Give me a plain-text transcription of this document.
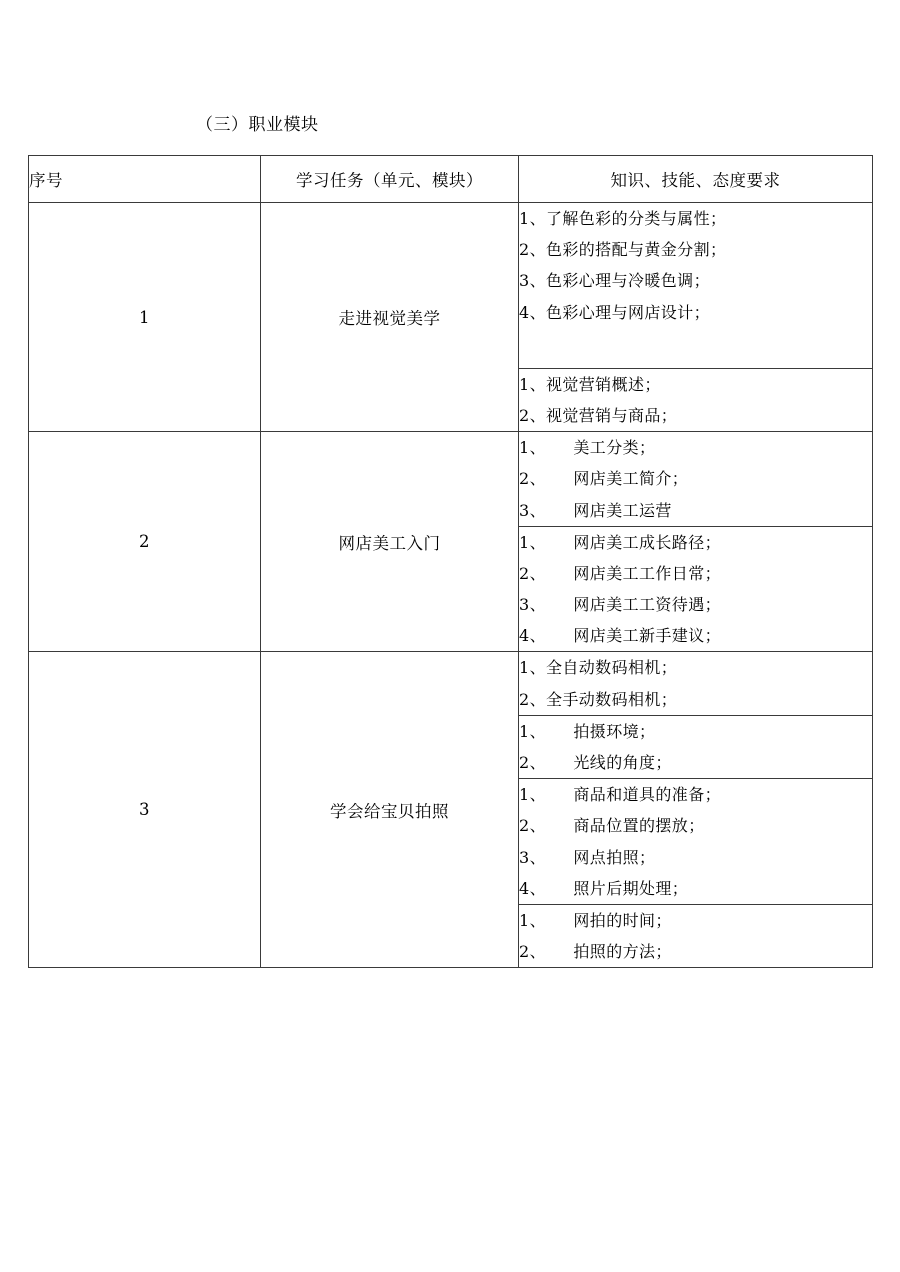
（三）职业模块
序号	学习任务（单元、模块）	知识、技能、态度要求
1	走进视觉美学	1、了解色彩的分类与属性；
2、色彩的搭配与黄金分割；
3、色彩心理与冷暖色调；
4、色彩心理与网店设计；

		1、视觉营销概述；
2、视觉营销与商品；

2	网店美工入门	1、     美工分类；
2、     网店美工简介；
3、     网店美工运营

		1、     网店美工成长路径；
2、     网店美工工作日常；
3、     网店美工工资待遇；
4、     网店美工新手建议；

3	学会给宝贝拍照	1、全自动数码相机；
2、全手动数码相机；

		1、     拍摄环境；
2、     光线的角度；

		1、     商品和道具的准备；
2、     商品位置的摆放；
3、     网点拍照；
4、     照片后期处理；

		1、     网拍的时间；
2、     拍照的方法；
